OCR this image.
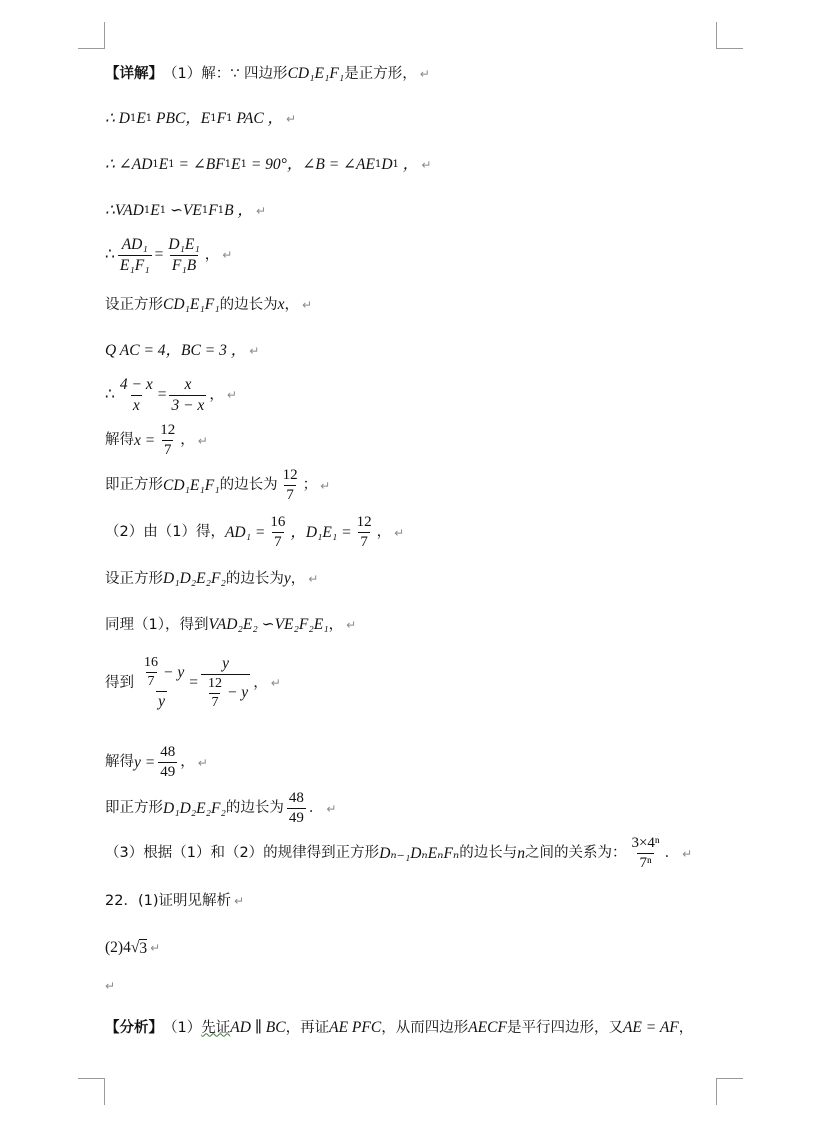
【详解】 （1）解：∵ 四边形 CD₁E₁F₁ 是正方形， ↵
∴ D 1 E 1 PBC，E 1 F 1 PAC ， ↵
∴ ∠AD 1 E 1 = ∠BF 1 E 1 = 90°，∠B = ∠AE 1 D 1 ， ↵
∴VAD 1 E 1 ∽VE 1 F 1 B ， ↵
∴ $\frac{\text{AD₁}}{\text{E₁F₁}} = \frac{\text{D₁E₁}}{\text{F₁B}}$ ， ↵
设正方形 CD₁E₁F₁ 的边长为 x ， ↵
Q AC = 4，BC = 3 ， ↵
∴ $\frac{4 - x}{x} = \frac{x}{3 - x}$ ， ↵
解得 $x = \frac{12}{7}$ ， ↵
即正方形 CD₁E₁F₁ 的边长为 $\frac{12}{7}$ ； ↵
（2）由（1）得， $AD_1 = \frac{16}{7}$ ，$D_1E_1 = \frac{12}{7}$ ， ↵
设正方形 D₁D₂E₂F₂ 的边长为 y ， ↵
同理（1），得到 VAD₂E₂ ∽VE₂F₂E₁ ， ↵
得到 $\frac{\frac{16}{7} - y}{y} = \frac{y}{\frac{12}{7} - y}$ ， ↵
解得 $y = \frac{48}{49}$ ， ↵
即正方形 D₁D₂E₂F₂ 的边长为 $\frac{48}{49}$ ． ↵
（3）根据（1）和（2）的规律得到正方形 Dₙ₋₁DₙEₙFₙ 的边长与 n 之间的关系为： $\frac{\text{3×4ⁿ}}{\text{7ⁿ}}$ ． ↵
22．(1)证明见解析 ↵
(2)4 √ 3 ↵
↵
【分析】 （1） 先证 AD ∥ BC ，再证 AE PFC ，从而四边形 AECF 是平行四边形，又 AE = AF ，
